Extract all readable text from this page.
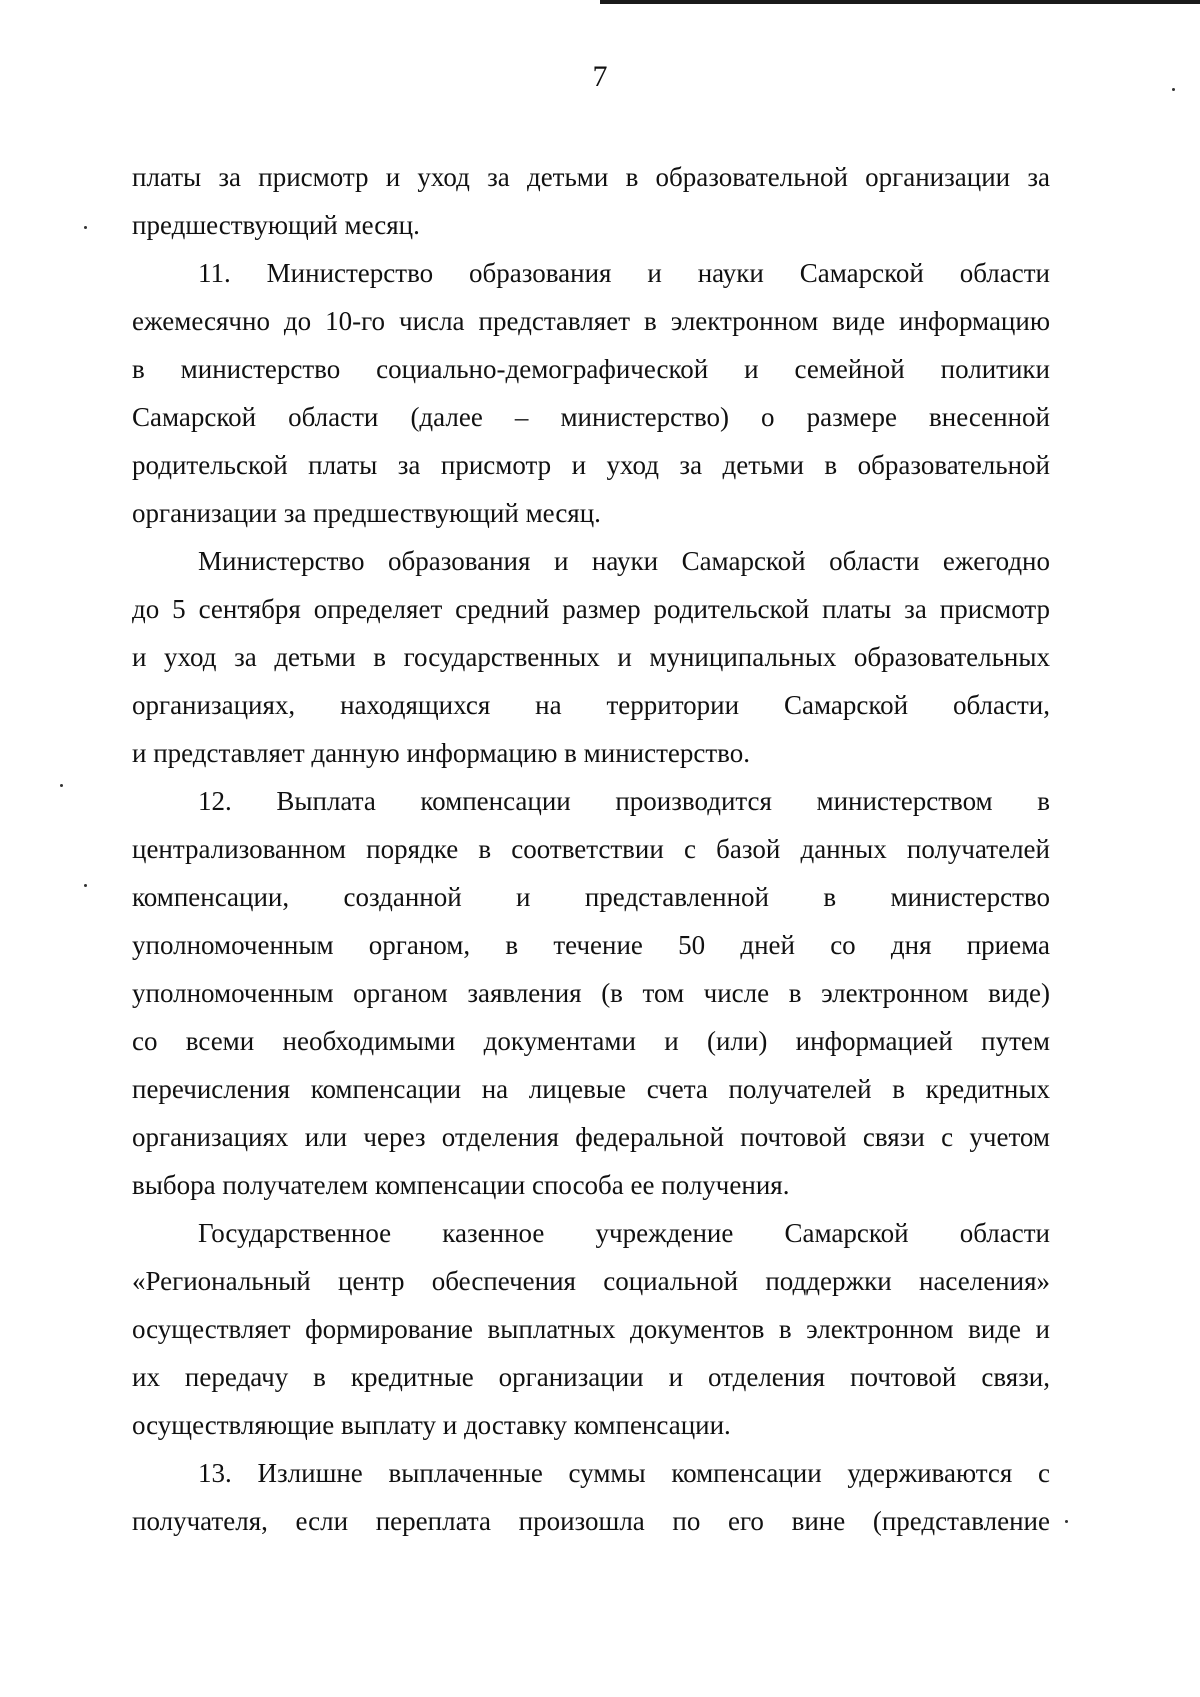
7
платы за присмотр и уход за детьми в образовательной организации за
предшествующий месяц.
11. Министерство образования и науки Самарской области
ежемесячно до 10-го числа представляет в электронном виде информацию
в министерство социально-демографической и семейной политики
Самарской области (далее – министерство) о размере внесенной
родительской платы за присмотр и уход за детьми в образовательной
организации за предшествующий месяц.
Министерство образования и науки Самарской области ежегодно
до 5 сентября определяет средний размер родительской платы за присмотр
и уход за детьми в государственных и муниципальных образовательных
организациях, находящихся на территории Самарской области,
и представляет данную информацию в министерство.
12. Выплата компенсации производится министерством в
централизованном порядке в соответствии с базой данных получателей
компенсации, созданной и представленной в министерство
уполномоченным органом, в течение 50 дней со дня приема
уполномоченным органом заявления (в том числе в электронном виде)
со всеми необходимыми документами и (или) информацией путем
перечисления компенсации на лицевые счета получателей в кредитных
организациях или через отделения федеральной почтовой связи с учетом
выбора получателем компенсации способа ее получения.
Государственное казенное учреждение Самарской области
«Региональный центр обеспечения социальной поддержки населения»
осуществляет формирование выплатных документов в электронном виде и
их передачу в кредитные организации и отделения почтовой связи,
осуществляющие выплату и доставку компенсации.
13. Излишне выплаченные суммы компенсации удерживаются с
получателя, если переплата произошла по его вине (представление
